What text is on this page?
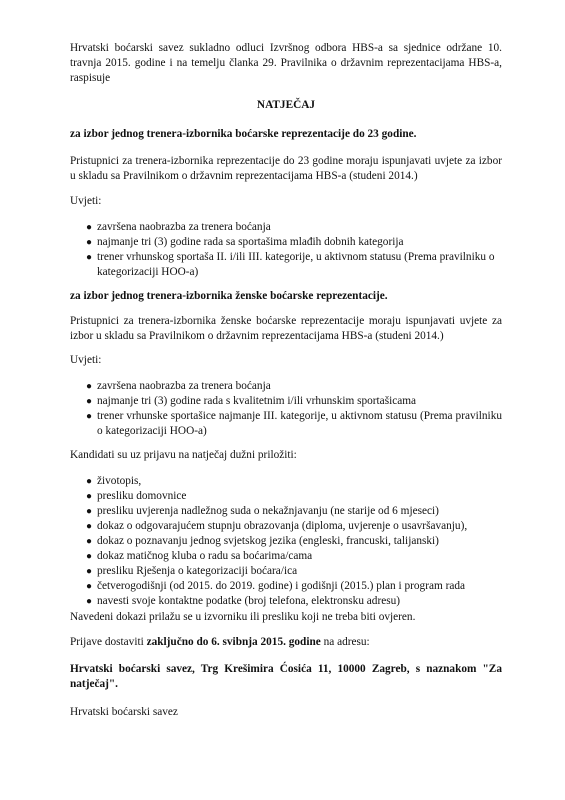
Hrvatski boćarski savez sukladno odluci Izvršnog odbora HBS-a sa sjednice održane 10. travnja 2015. godine i na temelju članka 29. Pravilnika o državnim reprezentacijama HBS-a, raspisuje
NATJEČAJ
za izbor jednog trenera-izbornika boćarske reprezentacije do 23 godine.
Pristupnici za trenera-izbornika reprezentacije do 23 godine moraju ispunjavati uvjete za izbor u skladu sa Pravilnikom o državnim reprezentacijama HBS-a (studeni 2014.)
Uvjeti:
● završena naobrazba za trenera boćanja
● najmanje tri (3) godine rada sa sportašima mlađih dobnih kategorija
● trener vrhunskog sportaša II. i/ili III. kategorije, u aktivnom statusu (Prema pravilniku o kategorizaciji HOO-a)
za izbor jednog trenera-izbornika ženske boćarske reprezentacije.
Pristupnici za trenera-izbornika ženske boćarske reprezentacije moraju ispunjavati uvjete za izbor u skladu sa Pravilnikom o državnim reprezentacijama HBS-a (studeni 2014.)
Uvjeti:
● završena naobrazba za trenera boćanja
● najmanje tri (3) godine rada s kvalitetnim i/ili vrhunskim sportašicama
● trener vrhunske sportašice najmanje III. kategorije, u aktivnom statusu (Prema pravilniku o kategorizaciji HOO-a)
Kandidati su uz prijavu na natječaj dužni priložiti:
● životopis,
● presliku domovnice
● presliku uvjerenja nadležnog suda o nekažnjavanju (ne starije od 6 mjeseci)
● dokaz o odgovarajućem stupnju obrazovanja (diploma, uvjerenje o usavršavanju),
● dokaz o poznavanju jednog svjetskog jezika (engleski, francuski, talijanski)
● dokaz matičnog kluba o radu sa boćarima/cama
● presliku Rješenja o kategorizaciji boćara/ica
● četverogodišnji (od 2015. do 2019. godine) i godišnji (2015.) plan i program rada
● navesti svoje kontaktne podatke (broj telefona, elektronsku adresu)
Navedeni dokazi prilažu se u izvorniku ili presliku koji ne treba biti ovjeren.
Prijave dostaviti zaključno do 6. svibnja 2015. godine na adresu:
Hrvatski boćarski savez, Trg Krešimira Ćosića 11, 10000 Zagreb, s naznakom "Za natječaj".
Hrvatski boćarski savez
